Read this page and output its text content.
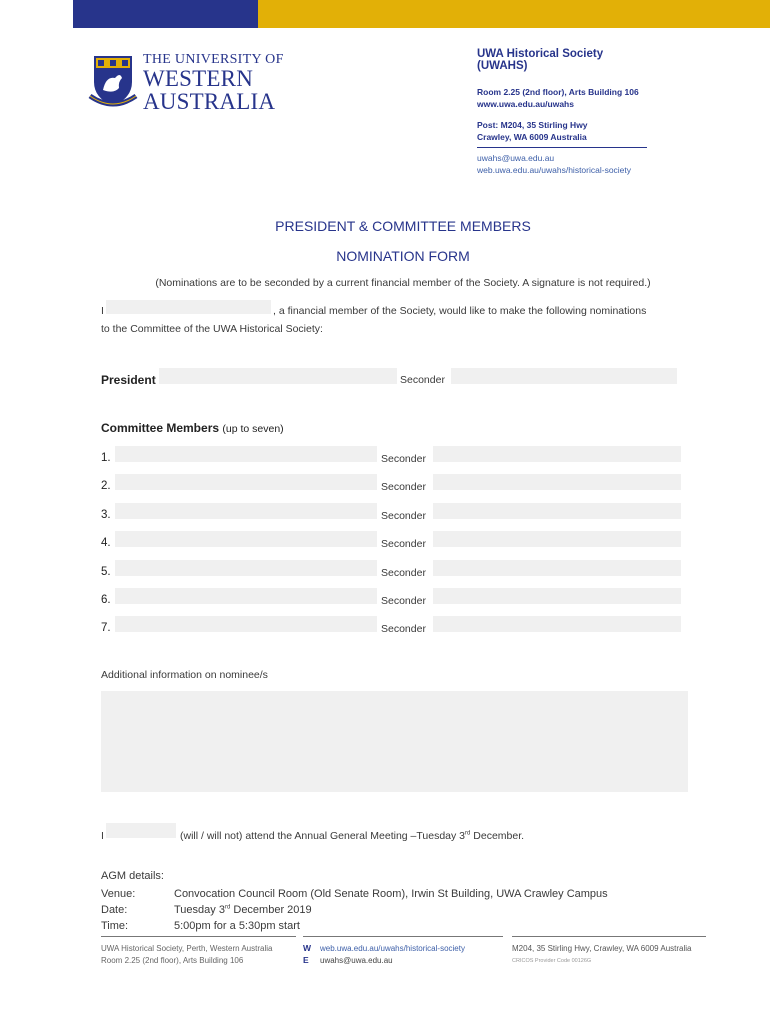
THE UNIVERSITY OF
WESTERN
AUSTRALIA
UWA Historical Society (UWAHS)
Room 2.25 (2nd floor), Arts Building 106
www.uwa.edu.au/uwahs
Post: M204, 35 Stirling Hwy
Crawley, WA 6009 Australia
uwahs@uwa.edu.au
web.uwa.edu.au/uwahs/historical-society
PRESIDENT & COMMITTEE MEMBERS
NOMINATION FORM
(Nominations are to be seconded by a current financial member of the Society. A signature is not required.)
I	, a financial member of the Society, would like to make the following nominations
to the Committee of the UWA Historical Society:
President	Seconder
Committee Members (up to seven)
1.	Seconder
2.	Seconder
3.	Seconder
4.	Seconder
5.	Seconder
6.	Seconder
7.	Seconder
Additional information on nominee/s
I	(will / will not) attend the Annual General Meeting –Tuesday 3rd December.
AGM details:
Venue:	Convocation Council Room (Old Senate Room), Irwin St Building, UWA Crawley Campus
Date:	Tuesday 3rd December 2019
Time:	5:00pm for a 5:30pm start
UWA Historical Society, Perth, Western Australia
Room 2.25 (2nd floor), Arts Building 106
W
E
web.uwa.edu.au/uwahs/historical-society
uwahs@uwa.edu.au
M204, 35 Stirling Hwy, Crawley, WA 6009 Australia
CRICOS Provider Code 00126G
